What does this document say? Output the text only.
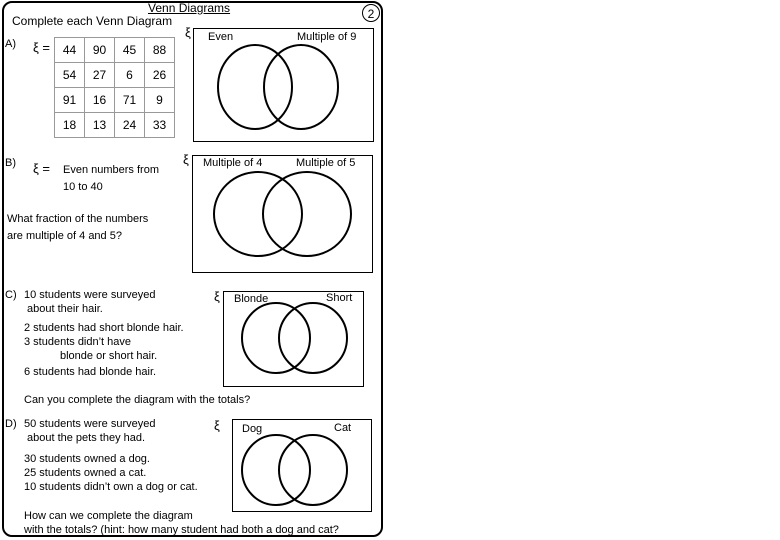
Venn Diagrams
Complete each Venn Diagram	2
A) ξ = 44	90	45	88
54	27	6	26
91	16	71	9
18	13	24	33
ξ Even	Multiple of 9
B) ξ = Even numbers from
10 to 40
What fraction of the numbers
are multiple of 4 and 5?
ξ Multiple of 4	Multiple of 5
C) 10 students were surveyed
about their hair.
2 students had short blonde hair.
3 students didn’t have
blonde or short hair.
6 students had blonde hair.
Can you complete the diagram with the totals?
ξ Blonde	Short
D) 50 students were surveyed
about the pets they had.
30 students owned a dog.
25 students owned a cat.
10 students didn’t own a dog or cat.
How can we complete the diagram
with the totals? (hint: how many student had both a dog and cat?
ξ Dog	Cat
